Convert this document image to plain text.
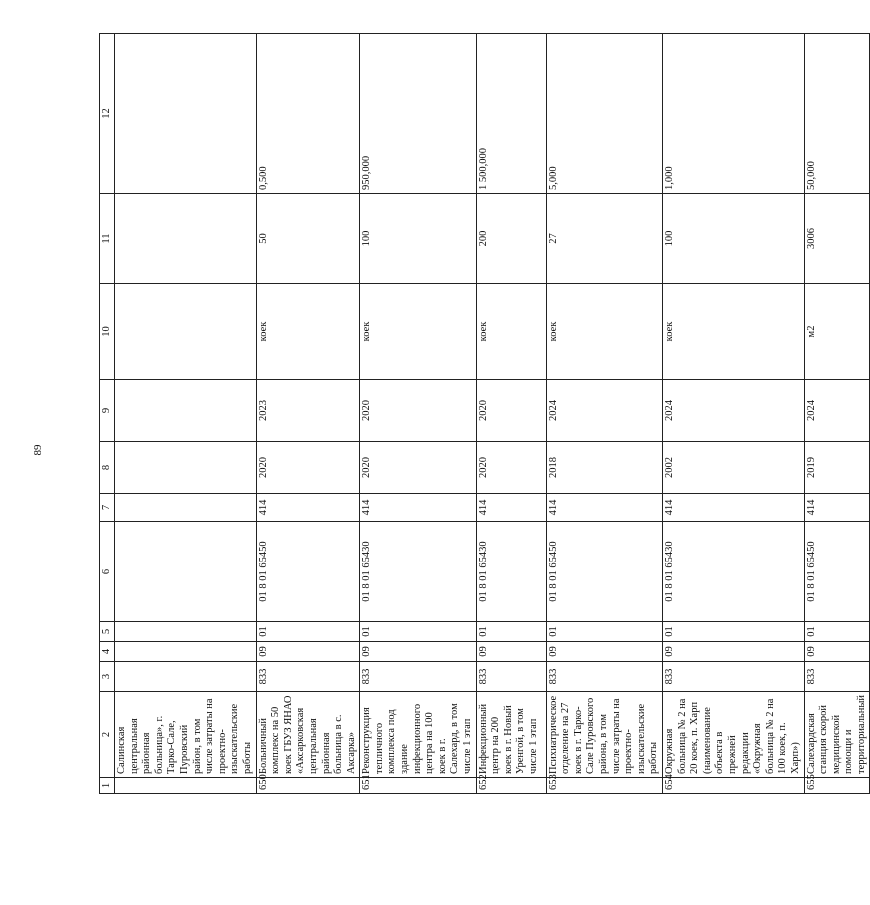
89
1	2	3	4	5	6	7	8	9	10	11	12
	Салинская центральная районная больница», г. Тарко-Сале, Пуровский район, в том числе затраты на проектно-изыскательские работы										
650	Больничный комплекс на 50 коек ГБУЗ ЯНАО «Аксарковская центральная районная больница в с. Аксарка»	833	09	01	01 8 01 65450	414	2020	2023	коек	50	0,500
651	Реконструкция тепличного комплекса под здание инфекционного центра на 100 коек в г. Салехард, в том числе 1 этап	833	09	01	01 8 01 65430	414	2020	2020	коек	100	950,000
652	Инфекционный центр на 200 коек в г. Новый Уренгой, в том числе 1 этап	833	09	01	01 8 01 65430	414	2020	2020	коек	200	1 500,000
653	Психиатрическое отделение на 27 коек в г. Тарко-Сале Пуровского района, в том числе затраты на проектно-изыскательские работы	833	09	01	01 8 01 65450	414	2018	2024	коек	27	5,000
654	Окружная больница № 2 на 20 коек, п. Харп (наименование объекта в прежней редакции «Окружная больница № 2 на 100 коек, п. Харп»)	833	09	01	01 8 01 65430	414	2002	2024	коек	100	1,000
655	Салехардская станция скорой медицинской помощи и территориальный	833	09	01	01 8 01 65450	414	2019	2024	м2	3006	50,000
